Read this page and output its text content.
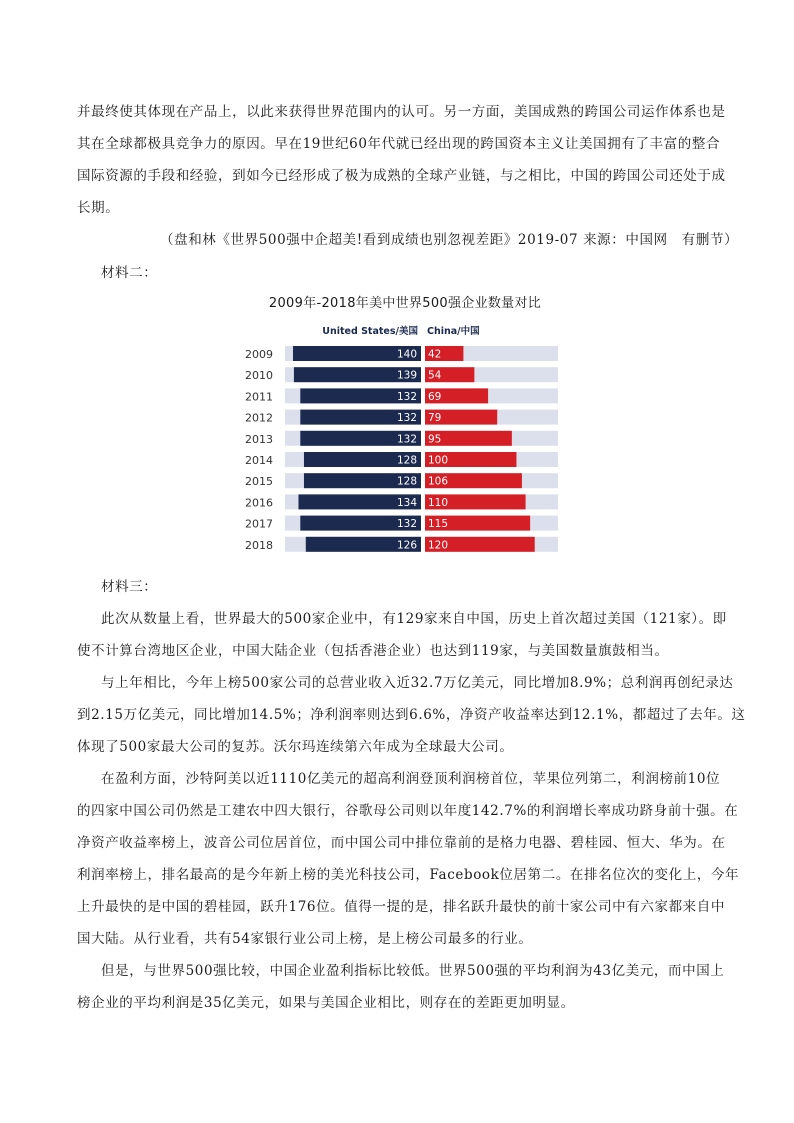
并最终使其体现在产品上，以此来获得世界范围内的认可。另一方面，美国成熟的跨国公司运作体系也是
其在全球都极具竞争力的原因。早在19世纪60年代就已经出现的跨国资本主义让美国拥有了丰富的整合
国际资源的手段和经验，到如今已经形成了极为成熟的全球产业链，与之相比，中国的跨国公司还处于成
长期。
（盘和林《世界500强中企超美!看到成绩也别忽视差距》2019-07 来源：中国网　有删节）
材料二：
2009年-2018年美中世界500强企业数量对比
United States/美国 China/中国
2009	140 42
2010	139 54
2011	132 69
2012	132 79
2013	132 95
2014	128 100
2015	128 106
2016	134 110
2017	132 115
2018	126 120
材料三：
此次从数量上看，世界最大的500家企业中，有129家来自中国，历史上首次超过美国（121家）。即
使不计算台湾地区企业，中国大陆企业（包括香港企业）也达到119家，与美国数量旗鼓相当。
与上年相比，今年上榜500家公司的总营业收入近32.7万亿美元，同比增加8.9%；总利润再创纪录达
到2.15万亿美元，同比增加14.5%；净利润率则达到6.6%，净资产收益率达到12.1%，都超过了去年。这
体现了500家最大公司的复苏。沃尔玛连续第六年成为全球最大公司。
在盈利方面，沙特阿美以近1110亿美元的超高利润登顶利润榜首位，苹果位列第二，利润榜前10位
的四家中国公司仍然是工建农中四大银行，谷歌母公司则以年度142.7%的利润增长率成功跻身前十强。在
净资产收益率榜上，波音公司位居首位，而中国公司中排位靠前的是格力电器、碧桂园、恒大、华为。在
利润率榜上，排名最高的是今年新上榜的美光科技公司，Facebook位居第二。在排名位次的变化上，今年
上升最快的是中国的碧桂园，跃升176位。值得一提的是，排名跃升最快的前十家公司中有六家都来自中
国大陆。从行业看，共有54家银行业公司上榜，是上榜公司最多的行业。
但是，与世界500强比较，中国企业盈利指标比较低。世界500强的平均利润为43亿美元，而中国上
榜企业的平均利润是35亿美元，如果与美国企业相比，则存在的差距更加明显。
